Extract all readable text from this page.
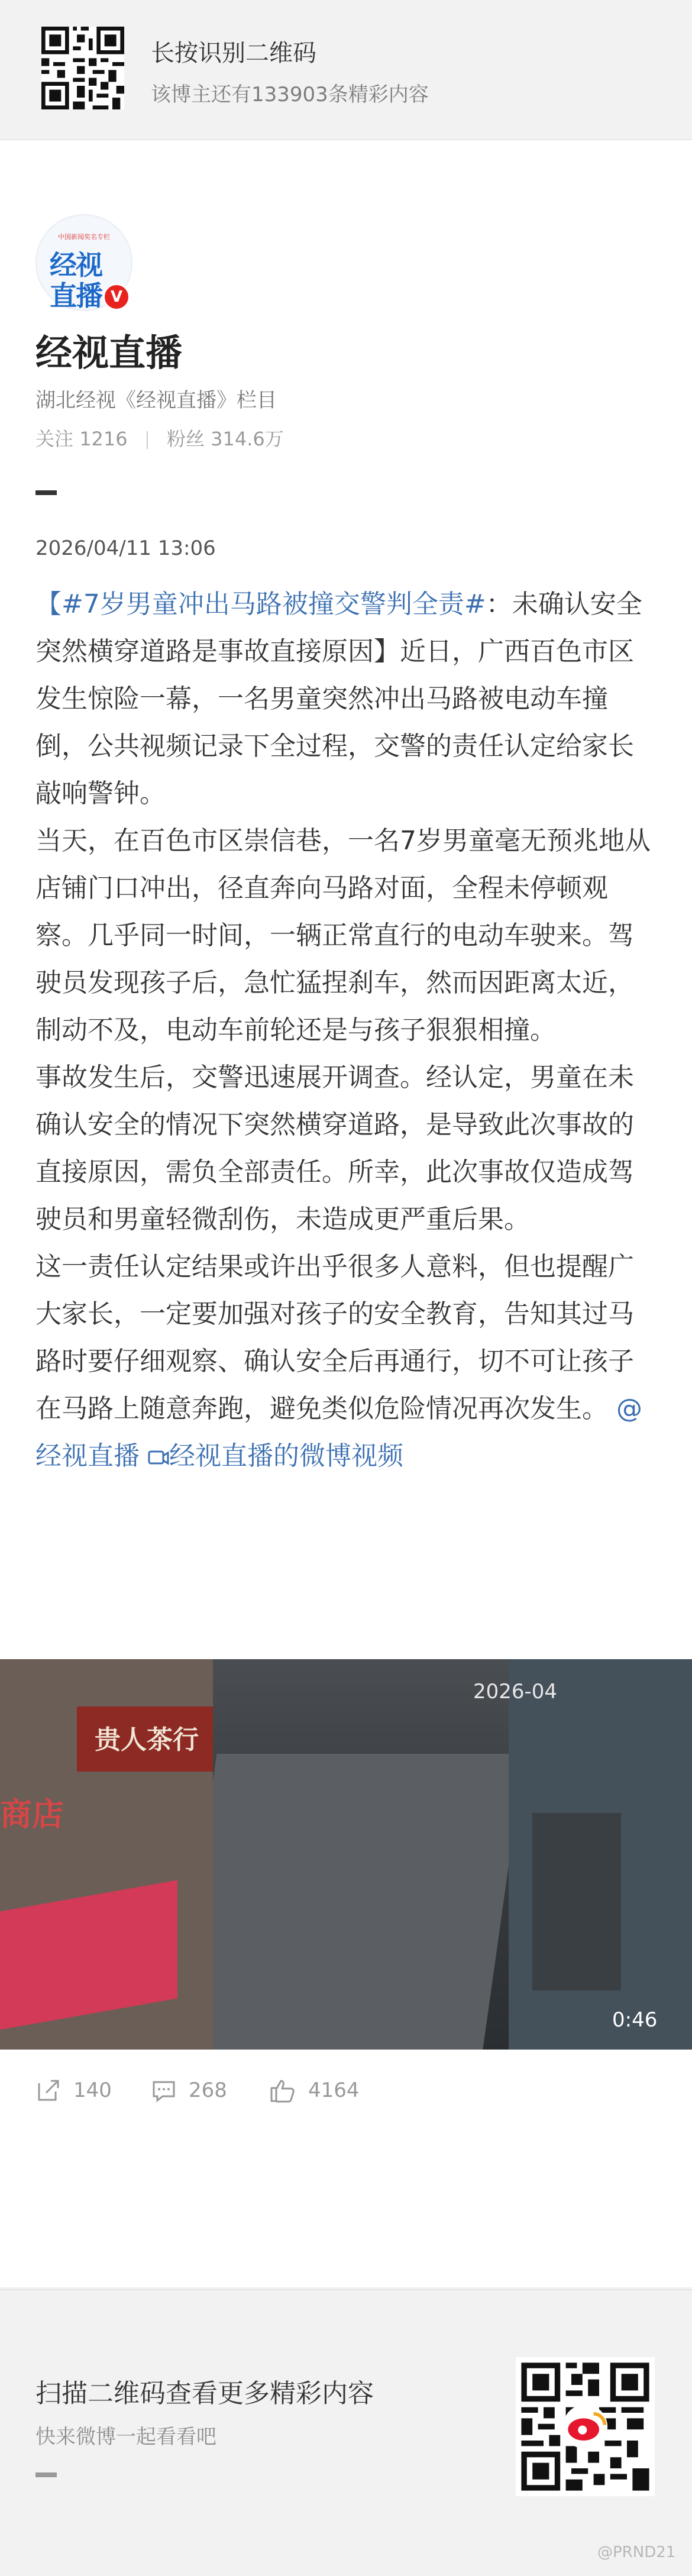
长按识别二维码
该博主还有133903条精彩内容
中国新闻奖名专栏
经视
直播 V
经视直播
湖北经视《经视直播》栏目
关注 1216 粉丝 314.6万
2026/04/11 13:06

【#7岁男童冲出马路被撞交警判全责#：未确认安全突然横穿道路是事故直接原因】近日，广西百色市区发生惊险一幕，一名男童突然冲出马路被电动车撞倒，公共视频记录下全过程，交警的责任认定给家长敲响警钟。

当天，在百色市区崇信巷，一名7岁男童毫无预兆地从店铺门口冲出，径直奔向马路对面，全程未停顿观察。几乎同一时间，一辆正常直行的电动车驶来。驾驶员发现孩子后，急忙猛捏刹车，然而因距离太近，制动不及，电动车前轮还是与孩子狠狠相撞。

事故发生后，交警迅速展开调查。经认定，男童在未确认安全的情况下突然横穿道路，是导致此次事故的直接原因，需负全部责任。所幸，此次事故仅造成驾驶员和男童轻微刮伤，未造成更严重后果。

这一责任认定结果或许出乎很多人意料，但也提醒广大家长，一定要加强对孩子的安全教育，告知其过马路时要仔细观察、确认安全后再通行，切不可让孩子在马路上随意奔跑，避免类似危险情况再次发生。 @经视直播 经视直播的微博视频

贵人茶行
商店
2026-04
0:46
140	268	4164
扫描二维码查看更多精彩内容
快来微博一起看看吧
@PRND21
